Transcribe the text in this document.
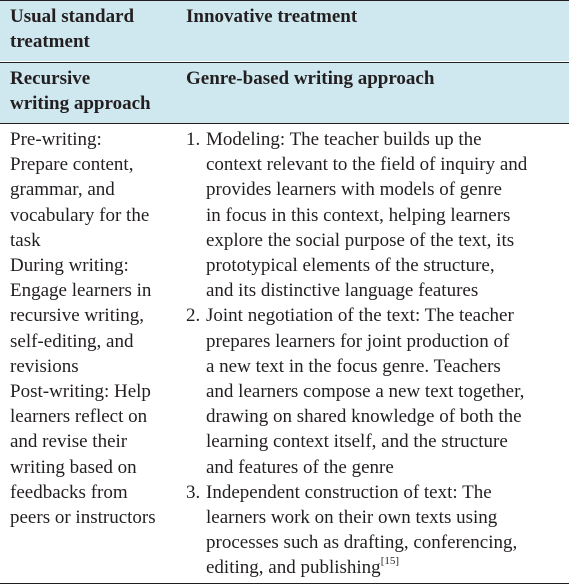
Usual standard
treatment
Innovative treatment
Recursive
writing approach
Genre-based writing approach
Pre-writing:
Prepare content,
grammar, and
vocabulary for the
task
During writing:
Engage learners in
recursive writing,
self-editing, and
revisions
Post-writing: Help
learners reflect on
and revise their
writing based on
feedbacks from
peers or instructors
1. Modeling: The teacher builds up the
context relevant to the field of inquiry and
provides learners with models of genre
in focus in this context, helping learners
explore the social purpose of the text, its
prototypical elements of the structure,
and its distinctive language features
2. Joint negotiation of the text: The teacher
prepares learners for joint production of
a new text in the focus genre. Teachers
and learners compose a new text together,
drawing on shared knowledge of both the
learning context itself, and the structure
and features of the genre
3. Independent construction of text: The
learners work on their own texts using
processes such as drafting, conferencing,
editing, and publishing[15]
